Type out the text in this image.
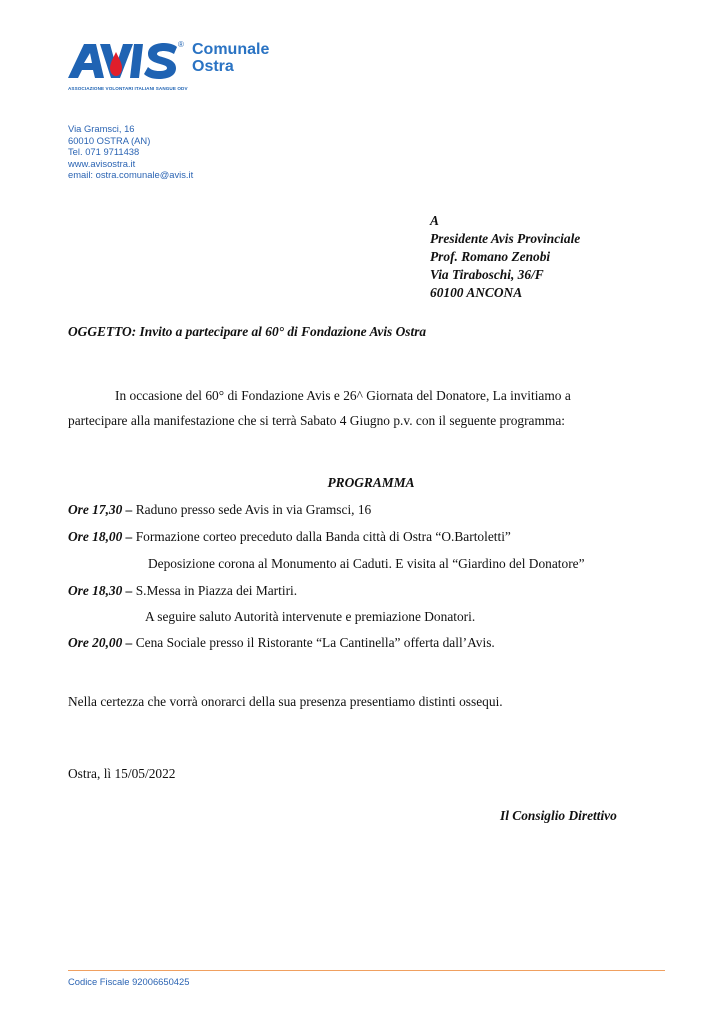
®
ASSOCIAZIONE VOLONTARI ITALIANI SANGUE ODV
Comunale
Ostra
Via Gramsci, 16
60010 OSTRA (AN)
Tel. 071 9711438
www.avisostra.it
email: ostra.comunale@avis.it
A
Presidente Avis Provinciale
Prof. Romano Zenobi
Via Tiraboschi, 36/F
60100 ANCONA
OGGETTO: Invito a partecipare al 60° di Fondazione Avis Ostra
In occasione del 60° di Fondazione Avis e 26^ Giornata del Donatore, La invitiamo a
partecipare alla manifestazione che si terrà Sabato 4 Giugno p.v. con il seguente programma:
PROGRAMMA
Ore 17,30 – Raduno presso sede Avis in via Gramsci, 16
Ore 18,00 – Formazione corteo preceduto dalla Banda città di Ostra “O.Bartoletti”
Deposizione corona al Monumento ai Caduti. E visita al “Giardino del Donatore”
Ore 18,30 – S.Messa in Piazza dei Martiri.
A seguire saluto Autorità intervenute e premiazione Donatori.
Ore 20,00 – Cena Sociale presso il Ristorante “La Cantinella” offerta dall’Avis.
Nella certezza che vorrà onorarci della sua presenza presentiamo distinti ossequi.
Ostra, lì 15/05/2022
Il Consiglio Direttivo
Codice Fiscale 92006650425
